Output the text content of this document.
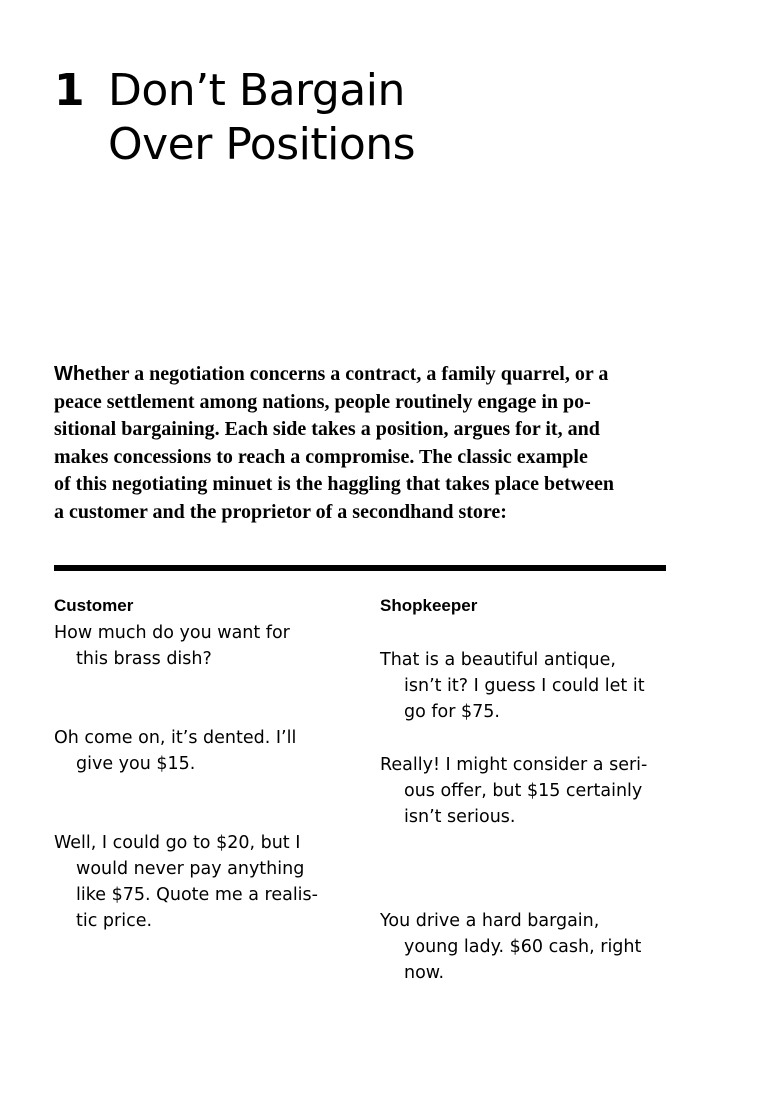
1 Don’t Bargain
Over Positions
Whether a negotiation concerns a contract, a family quarrel, or a
peace settlement among nations, people routinely engage in po-
sitional bargaining. Each side takes a position, argues for it, and
makes concessions to reach a compromise. The classic example
of this negotiating minuet is the haggling that takes place between
a customer and the proprietor of a secondhand store:
Customer	Shopkeeper
How much do you want for
this brass dish?
Oh come on, it’s dented. I’ll
give you $15.
Well, I could go to $20, but I
would never pay anything
like $75. Quote me a realis-
tic price.
That is a beautiful antique,
isn’t it? I guess I could let it
go for $75.
Really! I might consider a seri-
ous offer, but $15 certainly
isn’t serious.
You drive a hard bargain,
young lady. $60 cash, right
now.
